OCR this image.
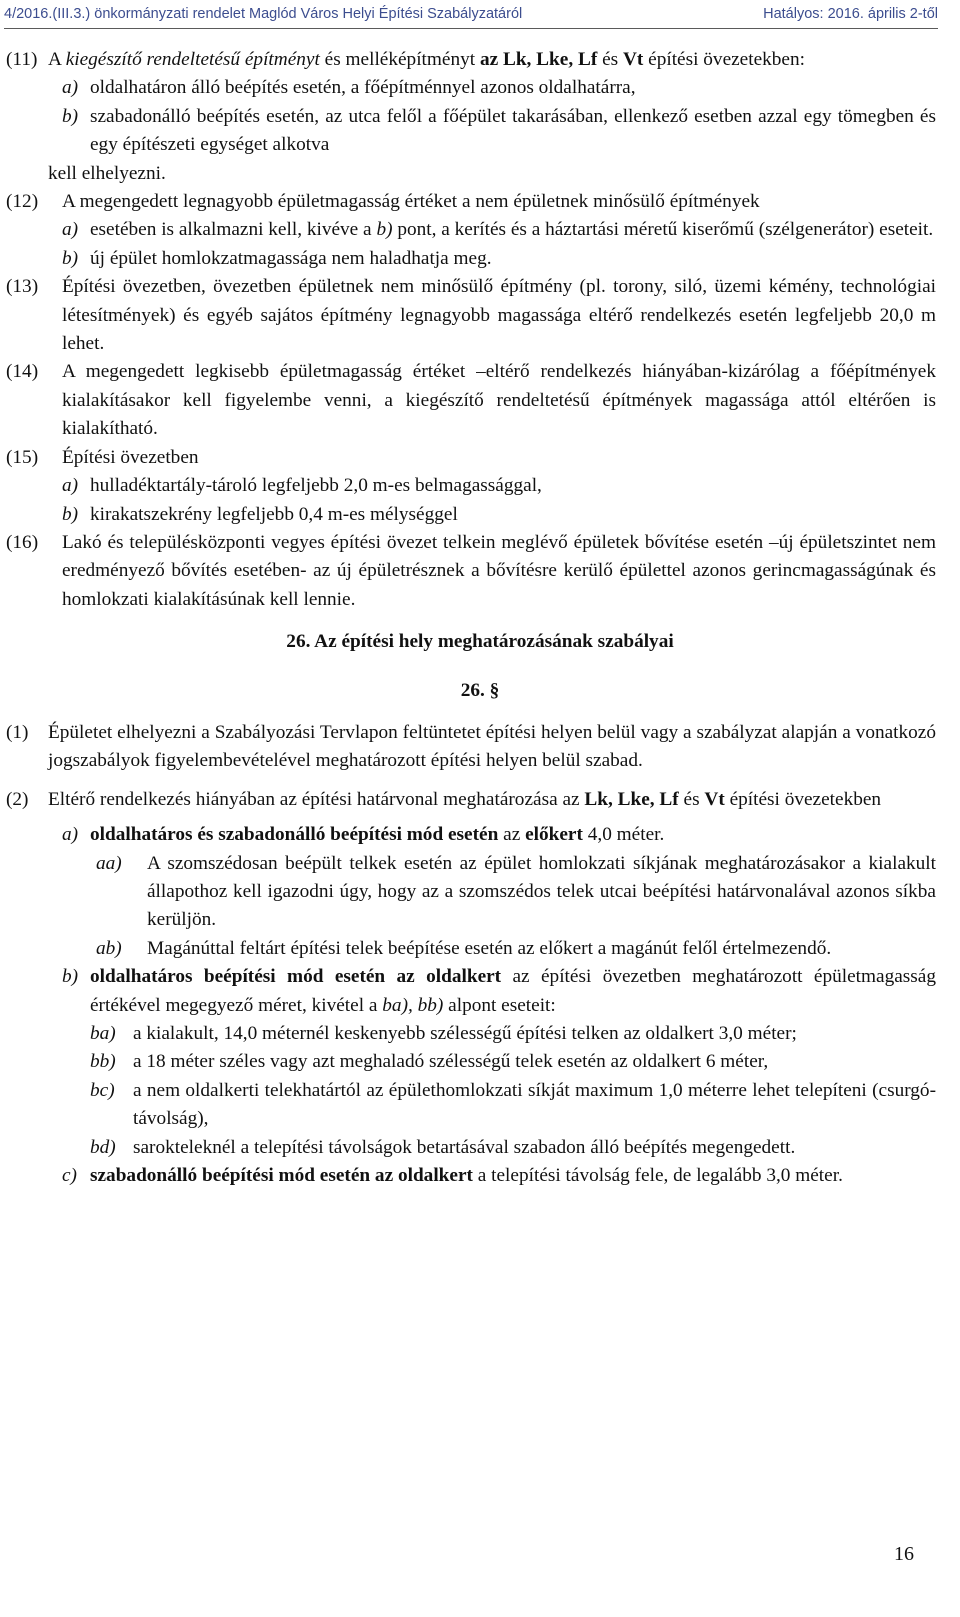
4/2016.(III.3.) önkormányzati rendelet Maglód Város Helyi Építési Szabályzatáról	Hatályos: 2016. április 2-től
(11) A kiegészítő rendeltetésű építményt és melléképítményt az Lk, Lke, Lf és Vt építési övezetekben:
a) oldalhatáron álló beépítés esetén, a főépítménnyel azonos oldalhatárra,
b) szabadonálló beépítés esetén, az utca felől a főépület takarásában, ellenkező esetben azzal egy tömegben és egy építészeti egységet alkotva
kell elhelyezni.
(12) A megengedett legnagyobb épületmagasság értéket a nem épületnek minősülő építmények
a) esetében is alkalmazni kell, kivéve a b) pont, a kerítés és a háztartási méretű kiserőmű (szélgenerátor) eseteit.
b) új épület homlokzatmagassága nem haladhatja meg.
(13) Építési övezetben, övezetben épületnek nem minősülő építmény (pl. torony, siló, üzemi kémény, technológiai létesítmények) és egyéb sajátos építmény legnagyobb magassága eltérő rendelkezés esetén legfeljebb 20,0 m lehet.
(14) A megengedett legkisebb épületmagasság értéket –eltérő rendelkezés hiányában-kizárólag a főépítmények kialakításakor kell figyelembe venni, a kiegészítő rendeltetésű építmények magassága attól eltérően is kialakítható.
(15) Építési övezetben
a) hulladéktartály-tároló legfeljebb 2,0 m-es belmagassággal,
b) kirakatszekrény legfeljebb 0,4 m-es mélységgel
(16) Lakó és településközponti vegyes építési övezet telkein meglévő épületek bővítése esetén –új épületszintet nem eredményező bővítés esetében- az új épületrésznek a bővítésre kerülő épülettel azonos gerincmagasságúnak és homlokzati kialakításúnak kell lennie.
26. Az építési hely meghatározásának szabályai
26. §
(1) Épületet elhelyezni a Szabályozási Tervlapon feltüntetet építési helyen belül vagy a szabályzat alapján a vonatkozó jogszabályok figyelembevételével meghatározott építési helyen belül szabad.
(2) Eltérő rendelkezés hiányában az építési határvonal meghatározása az Lk, Lke, Lf és Vt építési övezetekben
a) oldalhatáros és szabadonálló beépítési mód esetén az előkert 4,0 méter.
aa) A szomszédosan beépült telkek esetén az épület homlokzati síkjának meghatározásakor a kialakult állapothoz kell igazodni úgy, hogy az a szomszédos telek utcai beépítési határvonalával azonos síkba kerüljön.
ab) Magánúttal feltárt építési telek beépítése esetén az előkert a magánút felől értelmezendő.
b) oldalhatáros beépítési mód esetén az oldalkert az építési övezetben meghatározott épületmagasság értékével megegyező méret, kivétel a ba), bb) alpont eseteit:
ba) a kialakult, 14,0 méternél keskenyebb szélességű építési telken az oldalkert 3,0 méter;
bb) a 18 méter széles vagy azt meghaladó szélességű telek esetén az oldalkert 6 méter,
bc) a nem oldalkerti telekhatártól az épülethomlokzati síkját maximum 1,0 méterre lehet telepíteni (csurgó-távolság),
bd) sarokteleknél a telepítési távolságok betartásával szabadon álló beépítés megengedett.
c) szabadonálló beépítési mód esetén az oldalkert a telepítési távolság fele, de legalább 3,0 méter.
16
